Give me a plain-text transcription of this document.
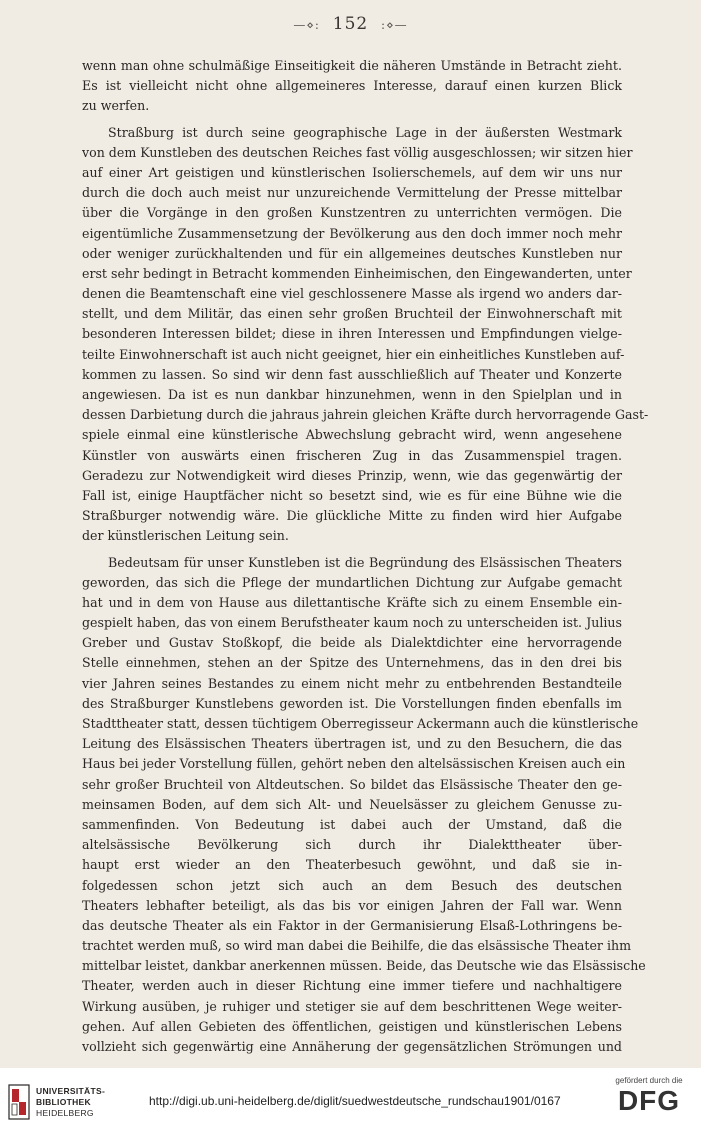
—⋄: 152 :⋄—
wenn man ohne schulmäßige Einseitigkeit die näheren Umstände in Betracht zieht.
Es ist vielleicht nicht ohne allgemeineres Interesse, darauf einen kurzen Blick
zu werfen.
Straßburg ist durch seine geographische Lage in der äußersten Westmark
von dem Kunstleben des deutschen Reiches fast völlig ausgeschlossen; wir sitzen hier
auf einer Art geistigen und künstlerischen Isolierschemels, auf dem wir uns nur
durch die doch auch meist nur unzureichende Vermittelung der Presse mittelbar
über die Vorgänge in den großen Kunstzentren zu unterrichten vermögen. Die
eigentümliche Zusammensetzung der Bevölkerung aus den doch immer noch mehr
oder weniger zurückhaltenden und für ein allgemeines deutsches Kunstleben nur
erst sehr bedingt in Betracht kommenden Einheimischen, den Eingewanderten, unter
denen die Beamtenschaft eine viel geschlossenere Masse als irgend wo anders dar-
stellt, und dem Militär, das einen sehr großen Bruchteil der Einwohnerschaft mit
besonderen Interessen bildet; diese in ihren Interessen und Empfindungen vielge-
teilte Einwohnerschaft ist auch nicht geeignet, hier ein einheitliches Kunstleben auf-
kommen zu lassen. So sind wir denn fast ausschließlich auf Theater und Konzerte
angewiesen. Da ist es nun dankbar hinzunehmen, wenn in den Spielplan und in
dessen Darbietung durch die jahraus jahrein gleichen Kräfte durch hervorragende Gast-
spiele einmal eine künstlerische Abwechslung gebracht wird, wenn angesehene
Künstler von auswärts einen frischeren Zug in das Zusammenspiel tragen.
Geradezu zur Notwendigkeit wird dieses Prinzip, wenn, wie das gegenwärtig der
Fall ist, einige Hauptfächer nicht so besetzt sind, wie es für eine Bühne wie die
Straßburger notwendig wäre. Die glückliche Mitte zu finden wird hier Aufgabe
der künstlerischen Leitung sein.
Bedeutsam für unser Kunstleben ist die Begründung des Elsässischen Theaters
geworden, das sich die Pflege der mundartlichen Dichtung zur Aufgabe gemacht
hat und in dem von Hause aus dilettantische Kräfte sich zu einem Ensemble ein-
gespielt haben, das von einem Berufstheater kaum noch zu unterscheiden ist. Julius
Greber und Gustav Stoßkopf, die beide als Dialektdichter eine hervorragende
Stelle einnehmen, stehen an der Spitze des Unternehmens, das in den drei bis
vier Jahren seines Bestandes zu einem nicht mehr zu entbehrenden Bestandteile
des Straßburger Kunstlebens geworden ist. Die Vorstellungen finden ebenfalls im
Stadttheater statt, dessen tüchtigem Oberregisseur Ackermann auch die künstlerische
Leitung des Elsässischen Theaters übertragen ist, und zu den Besuchern, die das
Haus bei jeder Vorstellung füllen, gehört neben den altelsässischen Kreisen auch ein
sehr großer Bruchteil von Altdeutschen. So bildet das Elsässische Theater den ge-
meinsamen Boden, auf dem sich Alt- und Neuelsässer zu gleichem Genusse zu-
sammenfinden. Von Bedeutung ist dabei auch der Umstand, daß die
altelsässische Bevölkerung sich durch ihr Dialekttheater über-
haupt erst wieder an den Theaterbesuch gewöhnt, und daß sie in-
folgedessen schon jetzt sich auch an dem Besuch des deutschen
Theaters lebhafter beteiligt, als das bis vor einigen Jahren der Fall war. Wenn
das deutsche Theater als ein Faktor in der Germanisierung Elsaß-Lothringens be-
trachtet werden muß, so wird man dabei die Beihilfe, die das elsässische Theater ihm
mittelbar leistet, dankbar anerkennen müssen. Beide, das Deutsche wie das Elsässische
Theater, werden auch in dieser Richtung eine immer tiefere und nachhaltigere
Wirkung ausüben, je ruhiger und stetiger sie auf dem beschrittenen Wege weiter-
gehen. Auf allen Gebieten des öffentlichen, geistigen und künstlerischen Lebens
vollzieht sich gegenwärtig eine Annäherung der gegensätzlichen Strömungen und
UNIVERSITÄTS-
BIBLIOTHEK
HEIDELBERG
http://digi.ub.uni-heidelberg.de/diglit/suedwestdeutsche_rundschau1901/0167
gefördert durch die
DFG
